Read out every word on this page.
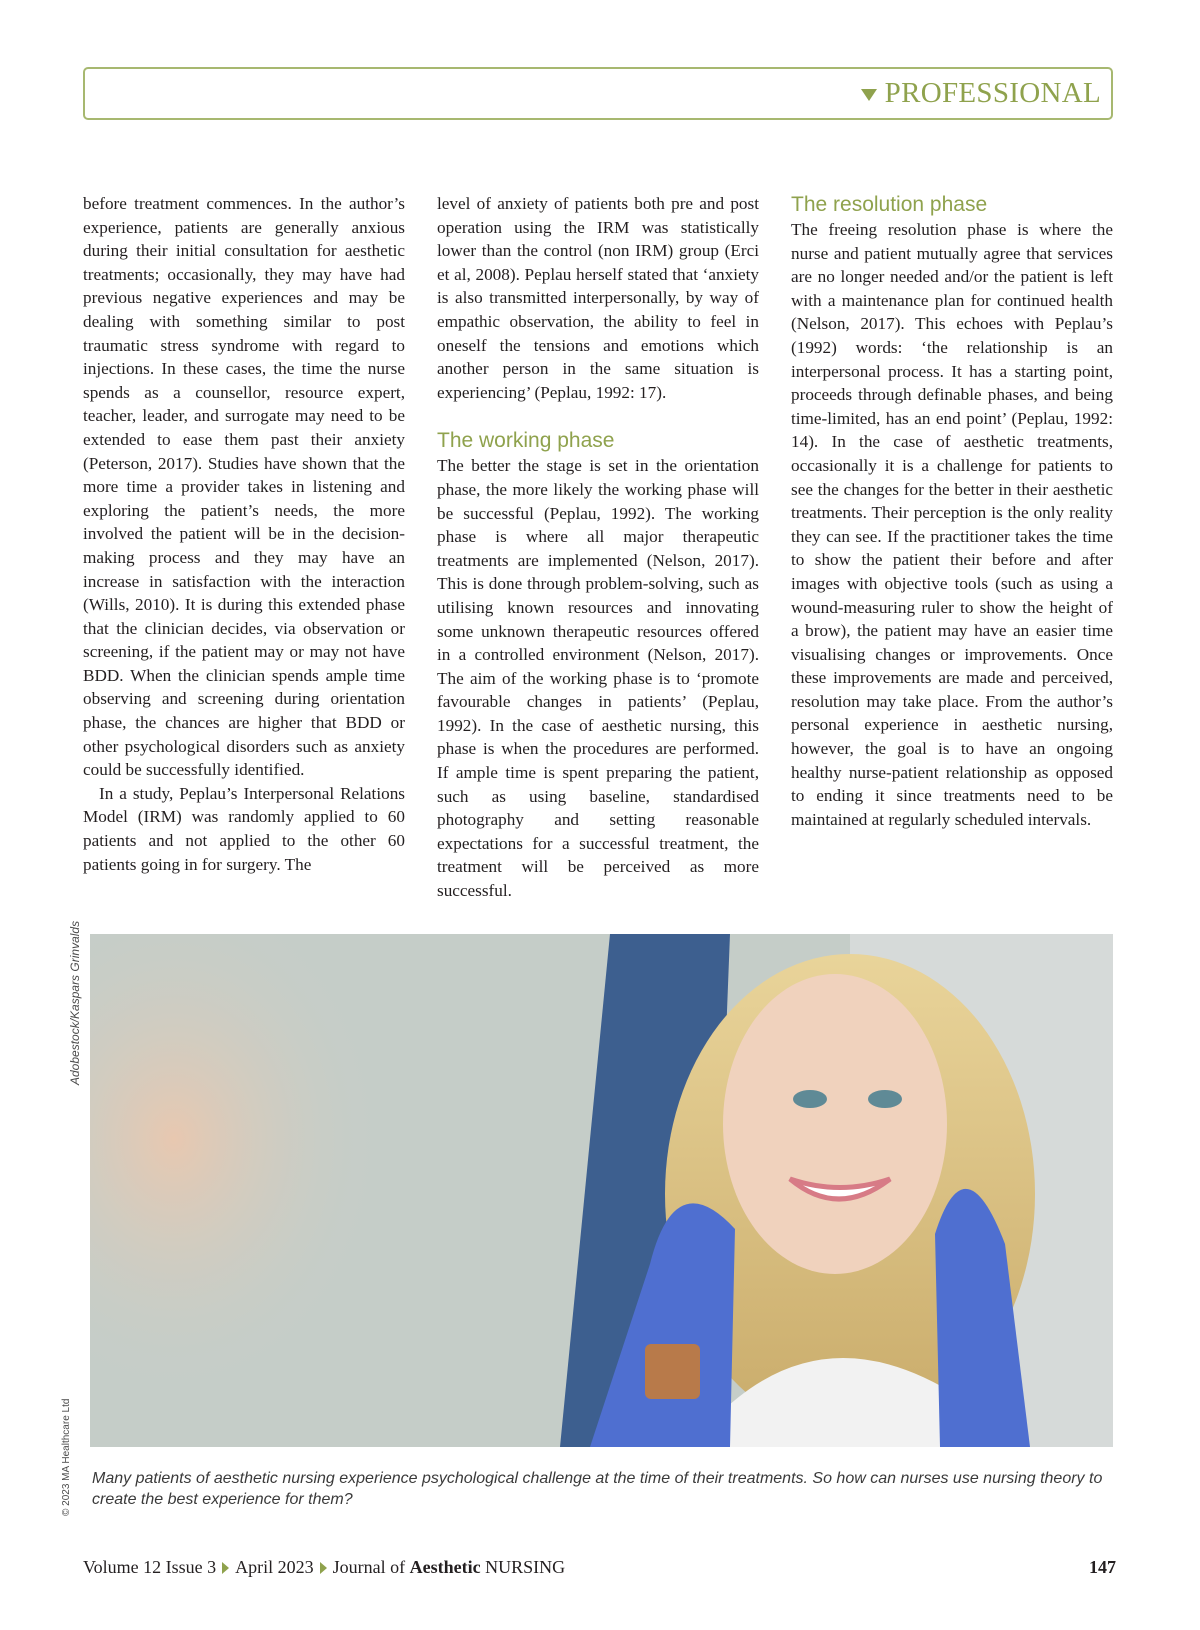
PROFESSIONAL

before treatment commences. In the author’s experience, patients are generally anxious during their initial consultation for aesthetic treatments; occasionally, they may have had previous negative experiences and may be dealing with something similar to post traumatic stress syndrome with regard to injections. In these cases, the time the nurse spends as a counsellor, resource expert, teacher, leader, and surrogate may need to be extended to ease them past their anxiety (Peterson, 2017). Studies have shown that the more time a provider takes in listening and exploring the patient’s needs, the more involved the patient will be in the decision-making process and they may have an increase in satisfaction with the interaction (Wills, 2010). It is during this extended phase that the clinician decides, via observation or screening, if the patient may or may not have BDD. When the clinician spends ample time observing and screening during orientation phase, the chances are higher that BDD or other psychological disorders such as anxiety could be successfully identified.

In a study, Peplau’s Interpersonal Relations Model (IRM) was randomly applied to 60 patients and not applied to the other 60 patients going in for surgery. The

level of anxiety of patients both pre and post operation using the IRM was statistically lower than the control (non IRM) group (Erci et al, 2008). Peplau herself stated that ‘anxiety is also transmitted interpersonally, by way of empathic observation, the ability to feel in oneself the tensions and emotions which another person in the same situation is experiencing’ (Peplau, 1992: 17).

The working phase

The better the stage is set in the orientation phase, the more likely the working phase will be successful (Peplau, 1992). The working phase is where all major therapeutic treatments are implemented (Nelson, 2017). This is done through problem-solving, such as utilising known resources and innovating some unknown therapeutic resources offered in a controlled environment (Nelson, 2017). The aim of the working phase is to ‘promote favourable changes in patients’ (Peplau, 1992). In the case of aesthetic nursing, this phase is when the procedures are performed. If ample time is spent preparing the patient, such as using baseline, standardised photography and setting reasonable expectations for a successful treatment, the treatment will be perceived as more successful.

The resolution phase

The freeing resolution phase is where the nurse and patient mutually agree that services are no longer needed and/or the patient is left with a maintenance plan for continued health (Nelson, 2017). This echoes with Peplau’s (1992) words: ‘the relationship is an interpersonal process. It has a starting point, proceeds through definable phases, and being time-limited, has an end point’ (Peplau, 1992: 14). In the case of aesthetic treatments, occasionally it is a challenge for patients to see the changes for the better in their aesthetic treatments. Their perception is the only reality they can see. If the practitioner takes the time to show the patient their before and after images with objective tools (such as using a wound-measuring ruler to show the height of a brow), the patient may have an easier time visualising changes or improvements. Once these improvements are made and perceived, resolution may take place. From the author’s personal experience in aesthetic nursing, however, the goal is to have an ongoing healthy nurse-patient relationship as opposed to ending it since treatments need to be maintained at regularly scheduled intervals.

Adobestock/Kaspars Grinvalds
© 2023 MA Healthcare Ltd Many patients of aesthetic nursing experience psychological challenge at the time of their treatments. So how can nurses use nursing theory to create the best experience for them?
Volume 12 Issue 3 April 2023 Journal of
Aesthetic
NURSING	147
